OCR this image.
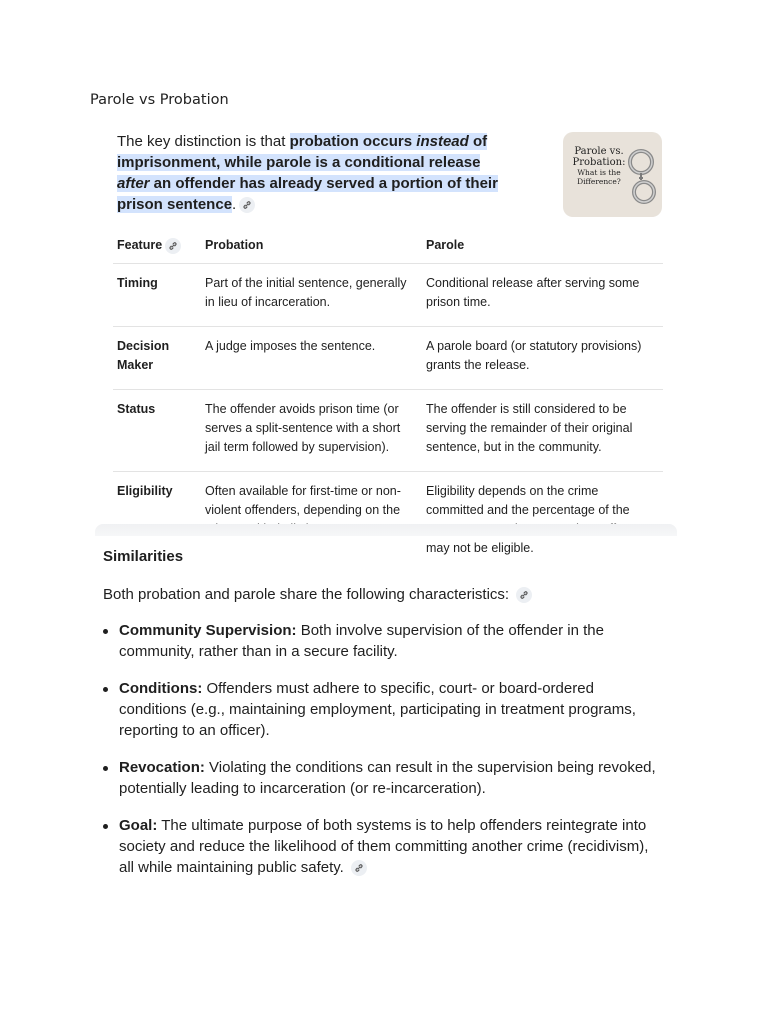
Parole vs Probation
The key distinction is that probation occurs instead of imprisonment, while parole is a conditional release after an offender has already served a portion of their prison sentence.
Parole vs.
Probation:
What is the
Difference?
Feature	Probation	Parole
Timing	Part of the initial sentence, generally in lieu of incarceration.	Conditional release after serving some prison time.
Decision Maker	A judge imposes the sentence.	A parole board (or statutory provisions) grants the release.
Status	The offender avoids prison time (or serves a split-sentence with a short jail term followed by supervision).	The offender is still considered to be serving the remainder of their original sentence, but in the community.
Eligibility	Often available for first-time or non-violent offenders, depending on the	Eligibility depends on the crime committed and the percentage of the may not be eligible.
Similarities
Both probation and parole share the following characteristics:
Community Supervision: Both involve supervision of the offender in the community, rather than in a secure facility.
Conditions: Offenders must adhere to specific, court- or board-ordered conditions (e.g., maintaining employment, participating in treatment programs, reporting to an officer).
Revocation: Violating the conditions can result in the supervision being revoked, potentially leading to incarceration (or re-incarceration).
Goal: The ultimate purpose of both systems is to help offenders reintegrate into society and reduce the likelihood of them committing another crime (recidivism), all while maintaining public safety.
